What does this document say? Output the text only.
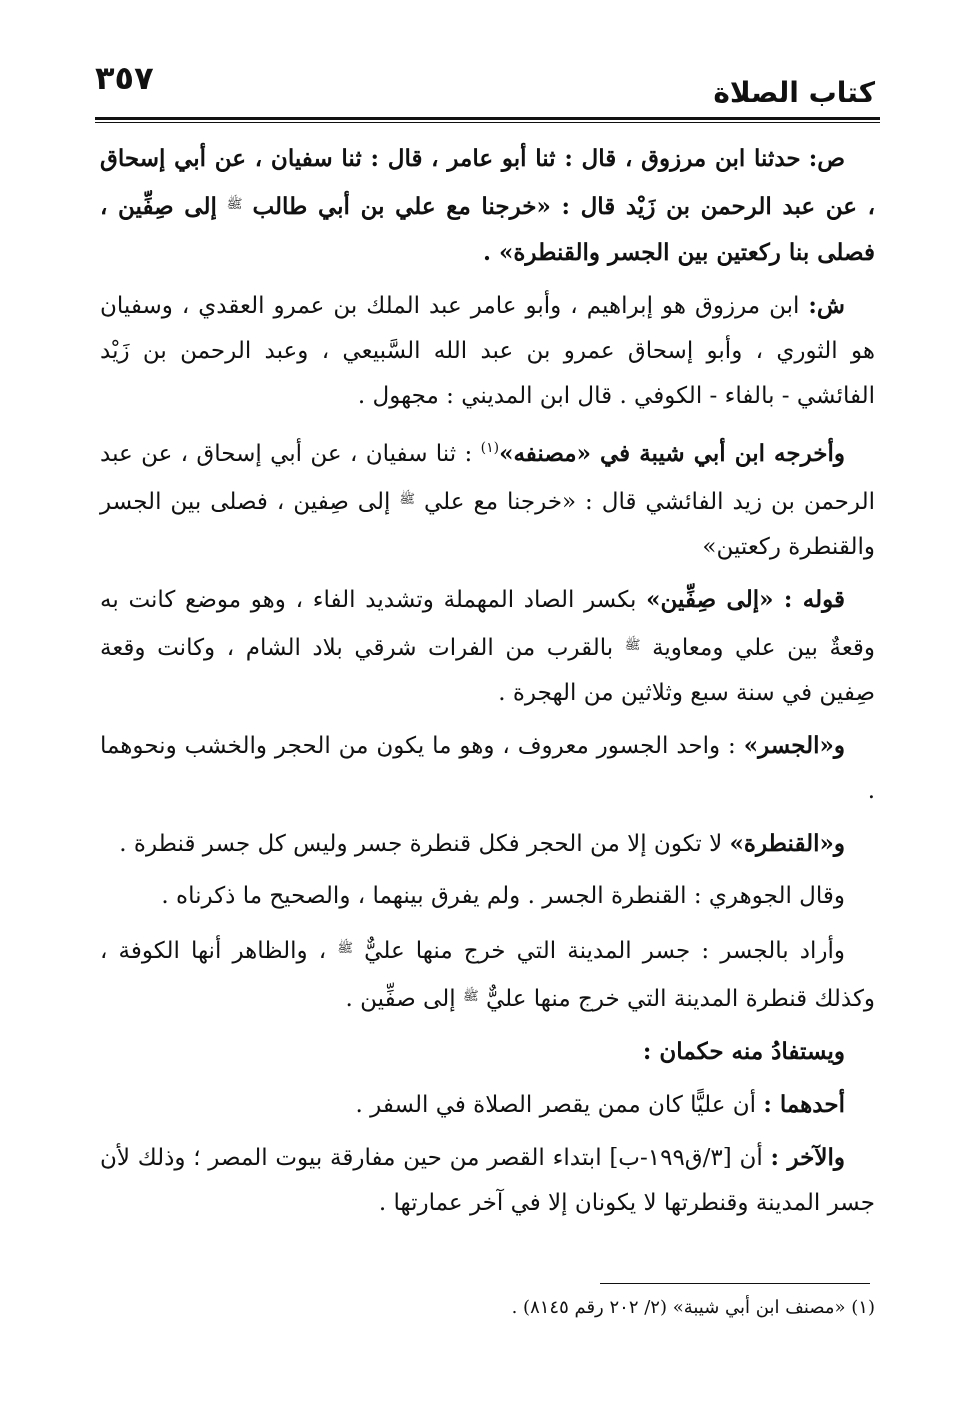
٣٥٧	كتاب الصلاة

ص: حدثنا ابن مرزوق ، قال : ثنا أبو عامر ، قال : ثنا سفيان ، عن أبي إسحاق ، عن عبد الرحمن بن زَيْد قال : «خرجنا مع علي بن أبي طالب $^ﷺ$ إلى صِفِّين ، فصلى بنا ركعتين بين الجسر والقنطرة» .

ش: ابن مرزوق هو إبراهيم ، وأبو عامر عبد الملك بن عمرو العقدي ، وسفيان هو الثوري ، وأبو إسحاق عمرو بن عبد الله السَّبيعي ، وعبد الرحمن بن زَيْد الفائشي - بالفاء - الكوفي . قال ابن المديني : مجهول .

وأخرجه ابن أبي شيبة في «مصنفه»$^{(١)}$ : ثنا سفيان ، عن أبي إسحاق ، عن عبد الرحمن بن زيد الفائشي قال : «خرجنا مع علي $^ﷺ$ إلى صِفين ، فصلى بين الجسر والقنطرة ركعتين»

قوله : «إلى صِفِّين» بكسر الصاد المهملة وتشديد الفاء ، وهو موضع كانت به وقعةٌ بين علي ومعاوية $^ﷺ$ بالقرب من الفرات شرقي بلاد الشام ، وكانت وقعة صِفين في سنة سبع وثلاثين من الهجرة .

و«الجسر» : واحد الجسور معروف ، وهو ما يكون من الحجر والخشب ونحوهما .

و«القنطرة» لا تكون إلا من الحجر فكل قنطرة جسر وليس كل جسر قنطرة .

وقال الجوهري : القنطرة الجسر . ولم يفرق بينهما ، والصحيح ما ذكرناه .

وأراد بالجسر : جسر المدينة التي خرج منها عليٌّ $^ﷺ$ ، والظاهر أنها الكوفة ، وكذلك قنطرة المدينة التي خرج منها عليٌّ $^ﷺ$ إلى صفِّين .

ويستفادُ منه حكمان :

أحدهما : أن عليًّا كان ممن يقصر الصلاة في السفر .

والآخر : أن [٣/ق١٩٩-ب] ابتداء القصر من حين مفارقة بيوت المصر ؛ وذلك لأن جسر المدينة وقنطرتها لا يكونان إلا في آخر عمارتها .

(١) «مصنف ابن أبي شيبة» (٢/ ٢٠٢ رقم ٨١٤٥) .
